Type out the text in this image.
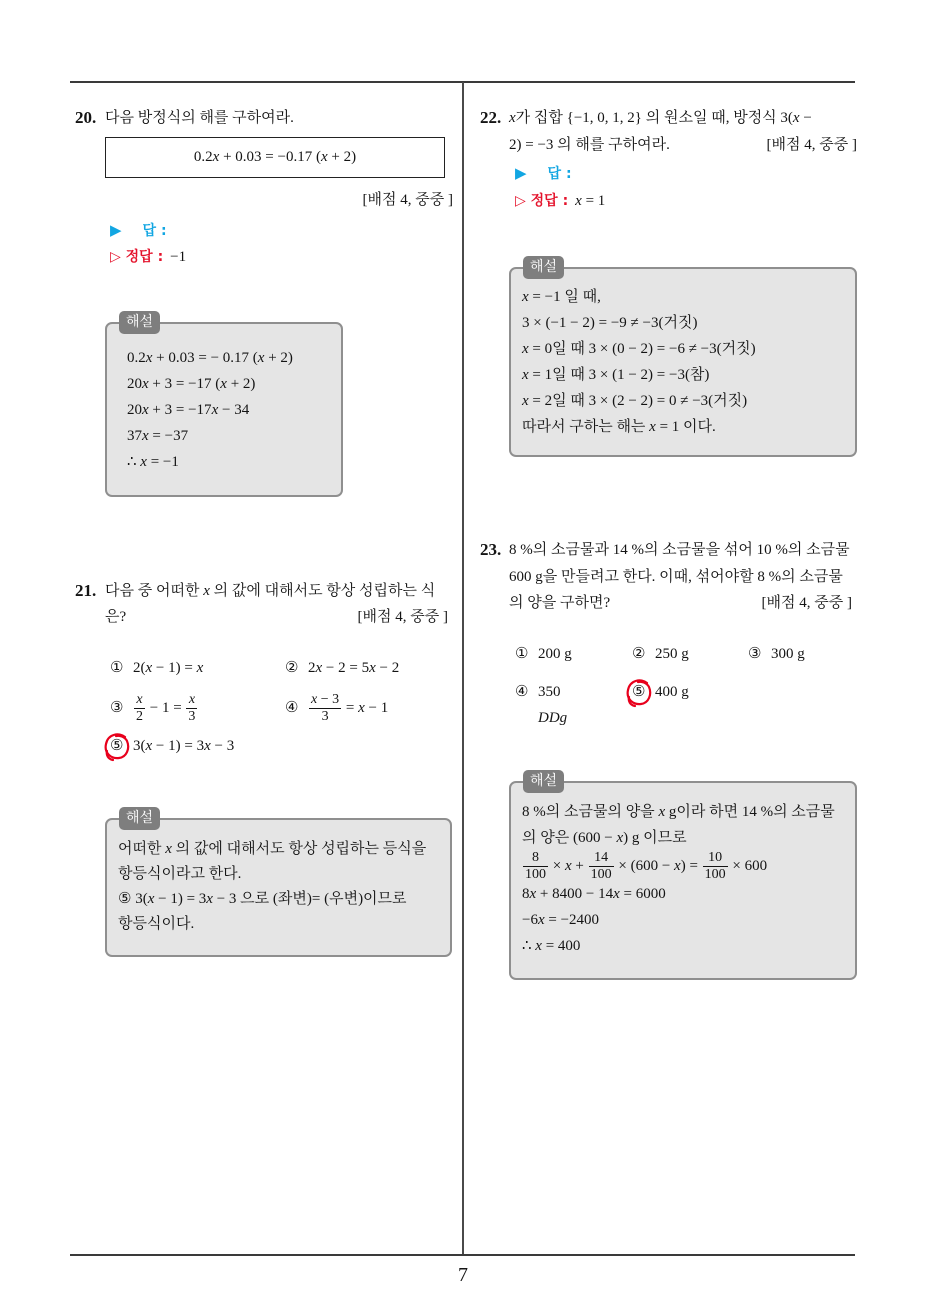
20. 다음 방정식의 해를 구하여라.
0.2x + 0.03 = −0.17 (x + 2)
[배점 4, 중중 ]
▶ 답 :
▷ 정답 : −1
해설
0.2x + 0.03 = − 0.17 (x + 2)
20x + 3 = −17 (x + 2)
20x + 3 = −17x − 34
37x = −37
∴ x = −1
21. 다음 중 어떠한 x 의 값에 대해서도 항상 성립하는 식
은?	[배점 4, 중중 ]
① 2(x − 1) = x	② 2x − 2 = 5x − 2
③ $\frac{x}{2} - 1 = \frac{x}{3}$	④ $\frac{x - 3}{3} = x - 1$
⑤ 3(x − 1) = 3x − 3
해설
어떠한 x 의 값에 대해서도 항상 성립하는 등식을
항등식이라고 한다.
⑤ 3(x − 1) = 3x − 3 으로 (좌변)= (우변)이므로
항등식이다.
22. x가 집합 {−1, 0, 1, 2} 의 원소일 때, 방정식 3(x −
2) = −3 의 해를 구하여라.	[배점 4, 중중 ]
▶ 답 :
▷ 정답 : x = 1
해설
x = −1 일 때,
3 × (−1 − 2) = −9 ≠ −3(거짓)
x = 0일 때 3 × (0 − 2) = −6 ≠ −3(거짓)
x = 1일 때 3 × (1 − 2) = −3(참)
x = 2일 때 3 × (2 − 2) = 0 ≠ −3(거짓)
따라서 구하는 해는 x = 1 이다.
23. 8 %의 소금물과 14 %의 소금물을 섞어 10 %의 소금물
600 g을 만들려고 한다. 이때, 섞어야할 8 %의 소금물
의 양을 구하면?	[배점 4, 중중 ]
① 200 g	② 250 g	③ 300 g
④ 350
DDg
⑤ 400 g
해설
8 %의 소금물의 양을 x g이라 하면 14 %의 소금물
의 양은 (600 − x) g 이므로
$\frac{8}{100} \times x + \frac{14}{100} \times (600 - x) = \frac{10}{100} \times 600$
8x + 8400 − 14x = 6000
−6x = −2400
∴ x = 400
7
